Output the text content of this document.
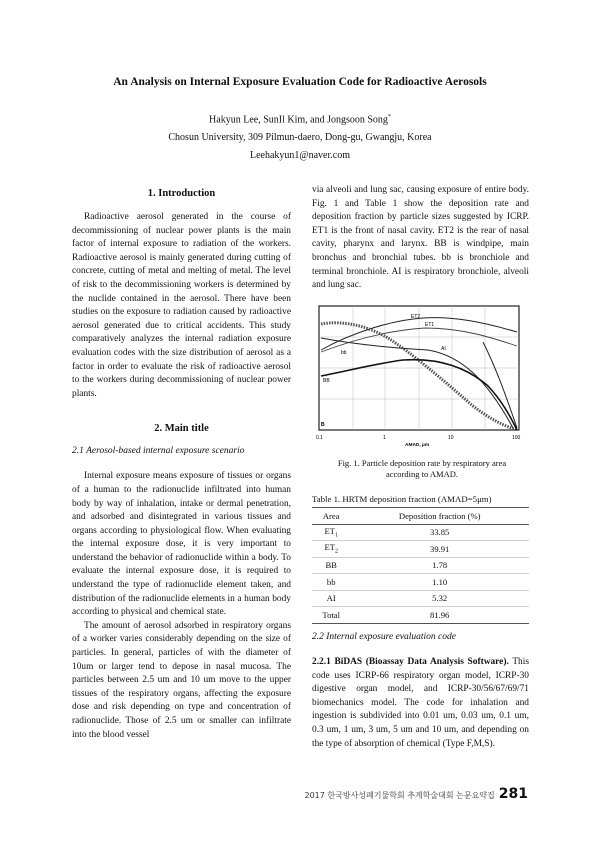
An Analysis on Internal Exposure Evaluation Code for Radioactive Aerosols
Hakyun Lee, SunIl Kim, and Jongsoon Song*
Chosun University, 309 Pilmun-daero, Dong-gu, Gwangju, Korea
Leehakyun1@naver.com
1. Introduction

Radioactive aerosol generated in the course of decommissioning of nuclear power plants is the main factor of internal exposure to radiation of the workers. Radioactive aerosol is mainly generated during cutting of concrete, cutting of metal and melting of metal. The level of risk to the decommissioning workers is determined by the nuclide contained in the aerosol. There have been studies on the exposure to radiation caused by radioactive aerosol generated due to critical accidents. This study comparatively analyzes the internal radiation exposure evaluation codes with the size distribution of aerosol as a factor in order to evaluate the risk of radioactive aerosol to the workers during decommissioning of nuclear power plants.

2. Main title
2.1 Aerosol-based internal exposure scenario

Internal exposure means exposure of tissues or organs of a human to the radionuclide infiltrated into human body by way of inhalation, intake or dermal penetration, and adsorbed and disintegrated in various tissues and organs according to physiological flow. When evaluating the internal exposure dose, it is very important to understand the behavior of radionuclide within a body. To evaluate the internal exposure dose, it is required to understand the type of radionuclide element taken, and distribution of the radionuclide elements in a human body according to physical and chemical state.

The amount of aerosol adsorbed in respiratory organs of a worker varies considerably depending on the size of particles. In general, particles of with the diameter of 10um or larger tend to depose in nasal mucosa. The particles between 2.5 um and 10 um move to the upper tissues of the respiratory organs, affecting the exposure dose and risk depending on type and concentration of radionuclide. Those of 2.5 um or smaller can infiltrate into the blood vessel

via alveoli and lung sac, causing exposure of entire body. Fig. 1 and Table 1 show the deposition rate and deposition fraction by particle sizes suggested by ICRP. ET1 is the front of nasal cavity. ET2 is the rear of nasal cavity, pharynx and larynx. BB is windpipe, main bronchus and bronchial tubes. bb is bronchiole and terminal bronchiole. AI is respiratory bronchiole, alveoli and lung sac.

ET2
ET1
AI
bb
BB
B
0.1	1	10	100
AMAD, µm
Fig. 1. Particle deposition rate by respiratory area according to AMAD.
Table 1. HRTM deposition fraction (AMAD=5μm)
Area	Deposition fraction (%)
$ET_1$	33.85
$ET_2$	39.91
BB	1.78
bb	1.10
AI	5.32
Total	81.96
2.2 Internal exposure evaluation code

2.2.1 BiDAS (Bioassay Data Analysis Software). This code uses ICRP-66 respiratory organ model, ICRP-30 digestive organ model, and ICRP-30/56/67/69/71 biomechanics model. The code for inhalation and ingestion is subdivided into 0.01 um, 0.03 um, 0.1 um, 0.3 um, 1 um, 3 um, 5 um and 10 um, and depending on the type of absorption of chemical (Type F,M,S).

2017 한국방사성폐기물학회 추계학술대회 논문요약집 281
